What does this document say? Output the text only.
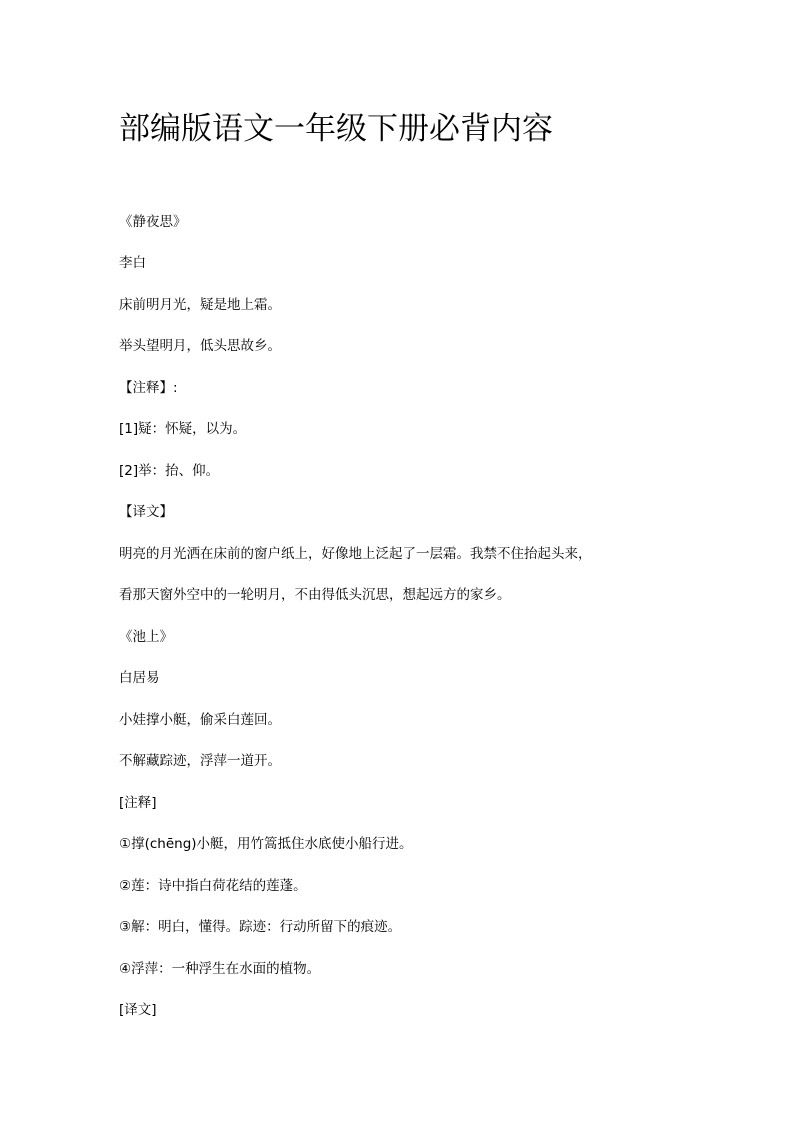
部编版语文一年级下册必背内容

《静夜思》

李白

床前明月光，疑是地上霜。

举头望明月，低头思故乡。

【注释】:

[1]疑：怀疑，以为。

[2]举：抬、仰。

【译文】

明亮的月光洒在床前的窗户纸上，好像地上泛起了一层霜。我禁不住抬起头来，

看那天窗外空中的一轮明月，不由得低头沉思，想起远方的家乡。

《池上》

白居易

小娃撑小艇，偷采白莲回。

不解藏踪迹，浮萍一道开。

[注释]

①撑(chēng)小艇，用竹篙抵住水底使小船行进。

②莲：诗中指白荷花结的莲蓬。

③解：明白，懂得。踪迹：行动所留下的痕迹。

④浮萍：一种浮生在水面的植物。

[译文]
